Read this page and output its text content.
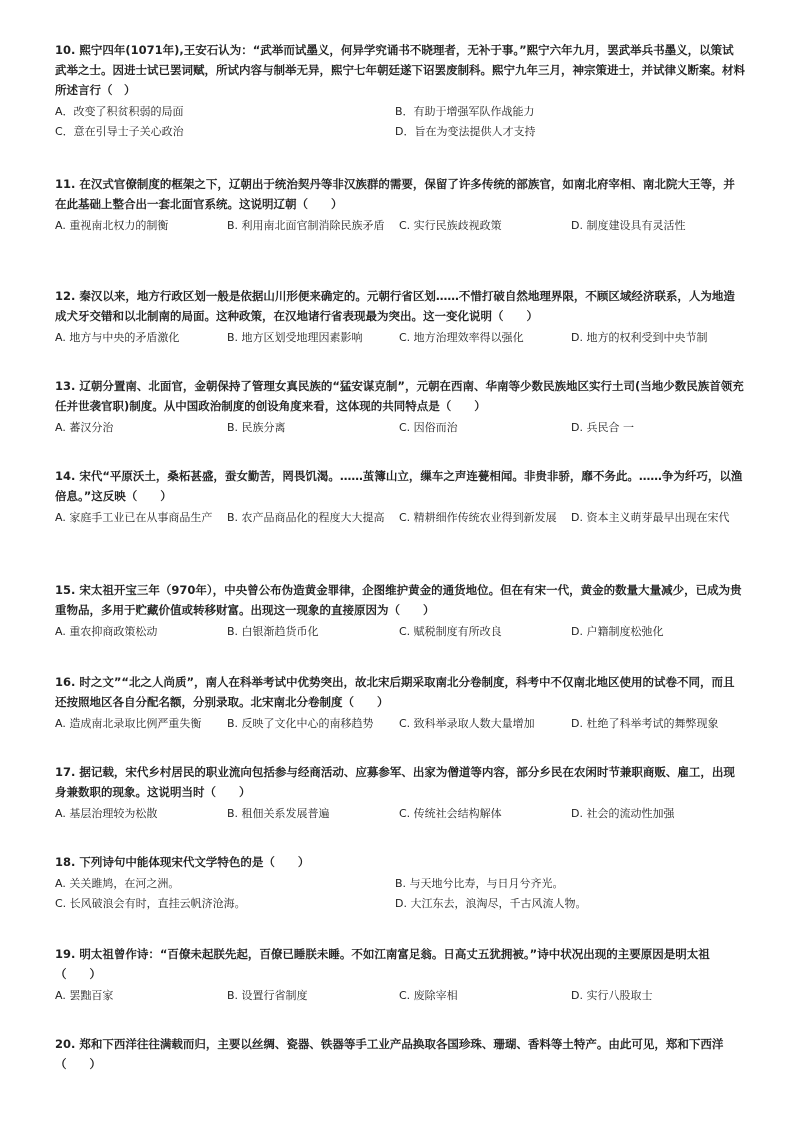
10. 熙宁四年(1071年),王安石认为：“武举而试墨义，何异学究诵书不晓理者，无补于事。”熙宁六年九月，罢武举兵书墨义，以策试武举之士。因进士试已罢词赋，所试内容与制举无异，熙宁七年朝廷遂下诏罢废制科。熙宁九年三月，神宗策进士，并试律义断案。材料所述言行（　）

A．改变了积贫积弱的局面	B．有助于增强军队作战能力
C．意在引导士子关心政治	D．旨在为变法提供人才支持

11. 在汉式官僚制度的框架之下，辽朝出于统治契丹等非汉族群的需要，保留了许多传统的部族官，如南北府宰相、南北院大王等，并在此基础上整合出一套北面官系统。这说明辽朝（　　）

A. 重视南北权力的制衡	B. 利用南北面官制消除民族矛盾	C. 实行民族歧视政策	D. 制度建设具有灵活性

12. 秦汉以来，地方行政区划一般是依据山川形便来确定的。元朝行省区划……不惜打破自然地理界限，不顾区域经济联系，人为地造成犬牙交错和以北制南的局面。这种政策，在汉地诸行省表现最为突出。这一变化说明（　　）

A. 地方与中央的矛盾激化	B. 地方区划受地理因素影响	C. 地方治理效率得以强化	D. 地方的权利受到中央节制

13. 辽朝分置南、北面官，金朝保持了管理女真民族的“猛安谋克制”，元朝在西南、华南等少数民族地区实行土司(当地少数民族首领充任并世袭官职)制度。从中国政治制度的创设角度来看，这体现的共同特点是（　　）

A. 蕃汉分治	B. 民族分离	C. 因俗而治	D. 兵民合 一

14. 宋代“平原沃土，桑柘甚盛，蚕女勤苦，罔畏饥渴。……茧簿山立，缫车之声连甍相闻。非贵非骄，靡不务此。……争为纤巧，以渔倍息。”这反映（　　）

A. 家庭手工业已在从事商品生产	B. 农产品商品化的程度大大提高	C. 精耕细作传统农业得到新发展	D. 资本主义萌芽最早出现在宋代

15. 宋太祖开宝三年（970年），中央曾公布伪造黄金罪律，企图维护黄金的通货地位。但在有宋一代，黄金的数量大量减少，已成为贵重物品，多用于贮藏价值或转移财富。出现这一现象的直接原因为（　　）

A. 重农抑商政策松动	B. 白银渐趋货币化	C. 赋税制度有所改良	D. 户籍制度松弛化

16. 时之文”“北之人尚质”，南人在科举考试中优势突出，故北宋后期采取南北分卷制度，科考中不仅南北地区使用的试卷不同，而且还按照地区各自分配名额，分别录取。北宋南北分卷制度（　　）

A. 造成南北录取比例严重失衡	B. 反映了文化中心的南移趋势	C. 致科举录取人数大量增加	D. 杜绝了科举考试的舞弊现象

17. 据记载，宋代乡村居民的职业流向包括参与经商活动、应募参军、出家为僧道等内容，部分乡民在农闲时节兼职商贩、雇工，出现身兼数职的现象。这说明当时（　　）

A. 基层治理较为松散	B. 租佃关系发展普遍	C. 传统社会结构解体	D. 社会的流动性加强

18. 下列诗句中能体现宋代文学特色的是（　　）

A. 关关雎鸠，在河之洲。	B. 与天地兮比寿，与日月兮齐光。
C. 长风破浪会有时，直挂云帆济沧海。	D. 大江东去，浪淘尽，千古风流人物。

19. 明太祖曾作诗：“百僚未起朕先起，百僚已睡朕未睡。不如江南富足翁。日高丈五犹拥被。”诗中状况出现的主要原因是明太祖（　　）

A. 罢黜百家	B. 设置行省制度	C. 废除宰相	D. 实行八股取士

20. 郑和下西洋往往满载而归，主要以丝绸、瓷器、铁器等手工业产品换取各国珍珠、珊瑚、香料等土特产。由此可见，郑和下西洋（　　）
